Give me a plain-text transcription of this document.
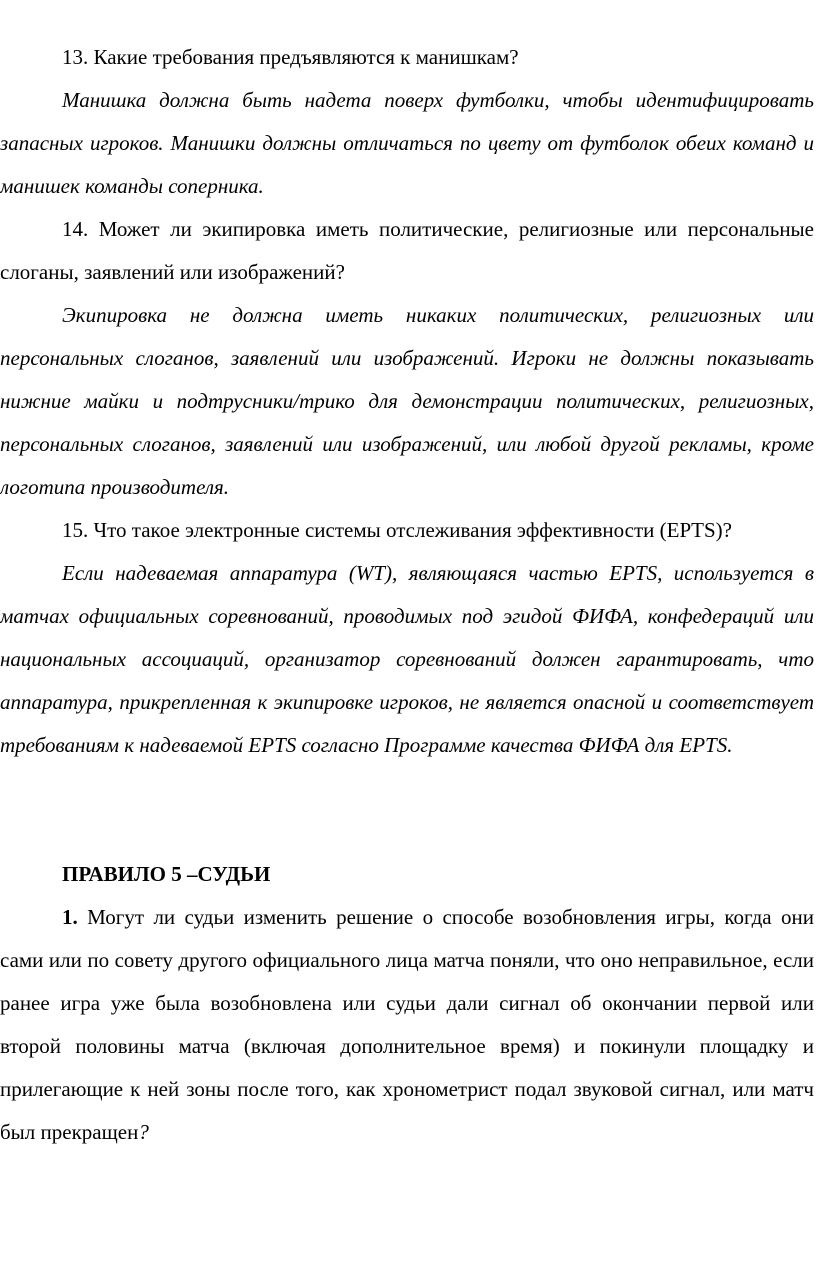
13. Какие требования предъявляются к манишкам?

Манишка должна быть надета поверх футболки, чтобы идентифицировать запасных игроков. Манишки должны отличаться по цвету от футболок обеих команд и манишек команды соперника.

14. Может ли экипировка иметь политические, религиозные или персональные слоганы, заявлений или изображений?

Экипировка не должна иметь никаких политических, религиозных или персональных слоганов, заявлений или изображений. Игроки не должны показывать нижние майки и подтрусники/трико для демонстрации политических, религиозных, персональных слоганов, заявлений или изображений, или любой другой рекламы, кроме логотипа производителя.

15. Что такое электронные системы отслеживания эффективности (EPTS)?

Если надеваемая аппаратура (WT), являющаяся частью EPTS, используется в матчах официальных соревнований, проводимых под эгидой ФИФА, конфедераций или национальных ассоциаций, организатор соревнований должен гарантировать, что аппаратура, прикрепленная к экипировке игроков, не является опасной и соответствует требованиям к надеваемой EPTS согласно Программе качества ФИФА для EPTS.

ПРАВИЛО 5 –СУДЬИ

1. Могут ли судьи изменить решение о способе возобновления игры, когда они сами или по совету другого официального лица матча поняли, что оно неправильное, если ранее игра уже была возобновлена или судьи дали сигнал об окончании первой или второй половины матча (включая дополнительное время) и покинули площадку и прилегающие к ней зоны после того, как хронометрист подал звуковой сигнал, или матч был прекращен?
